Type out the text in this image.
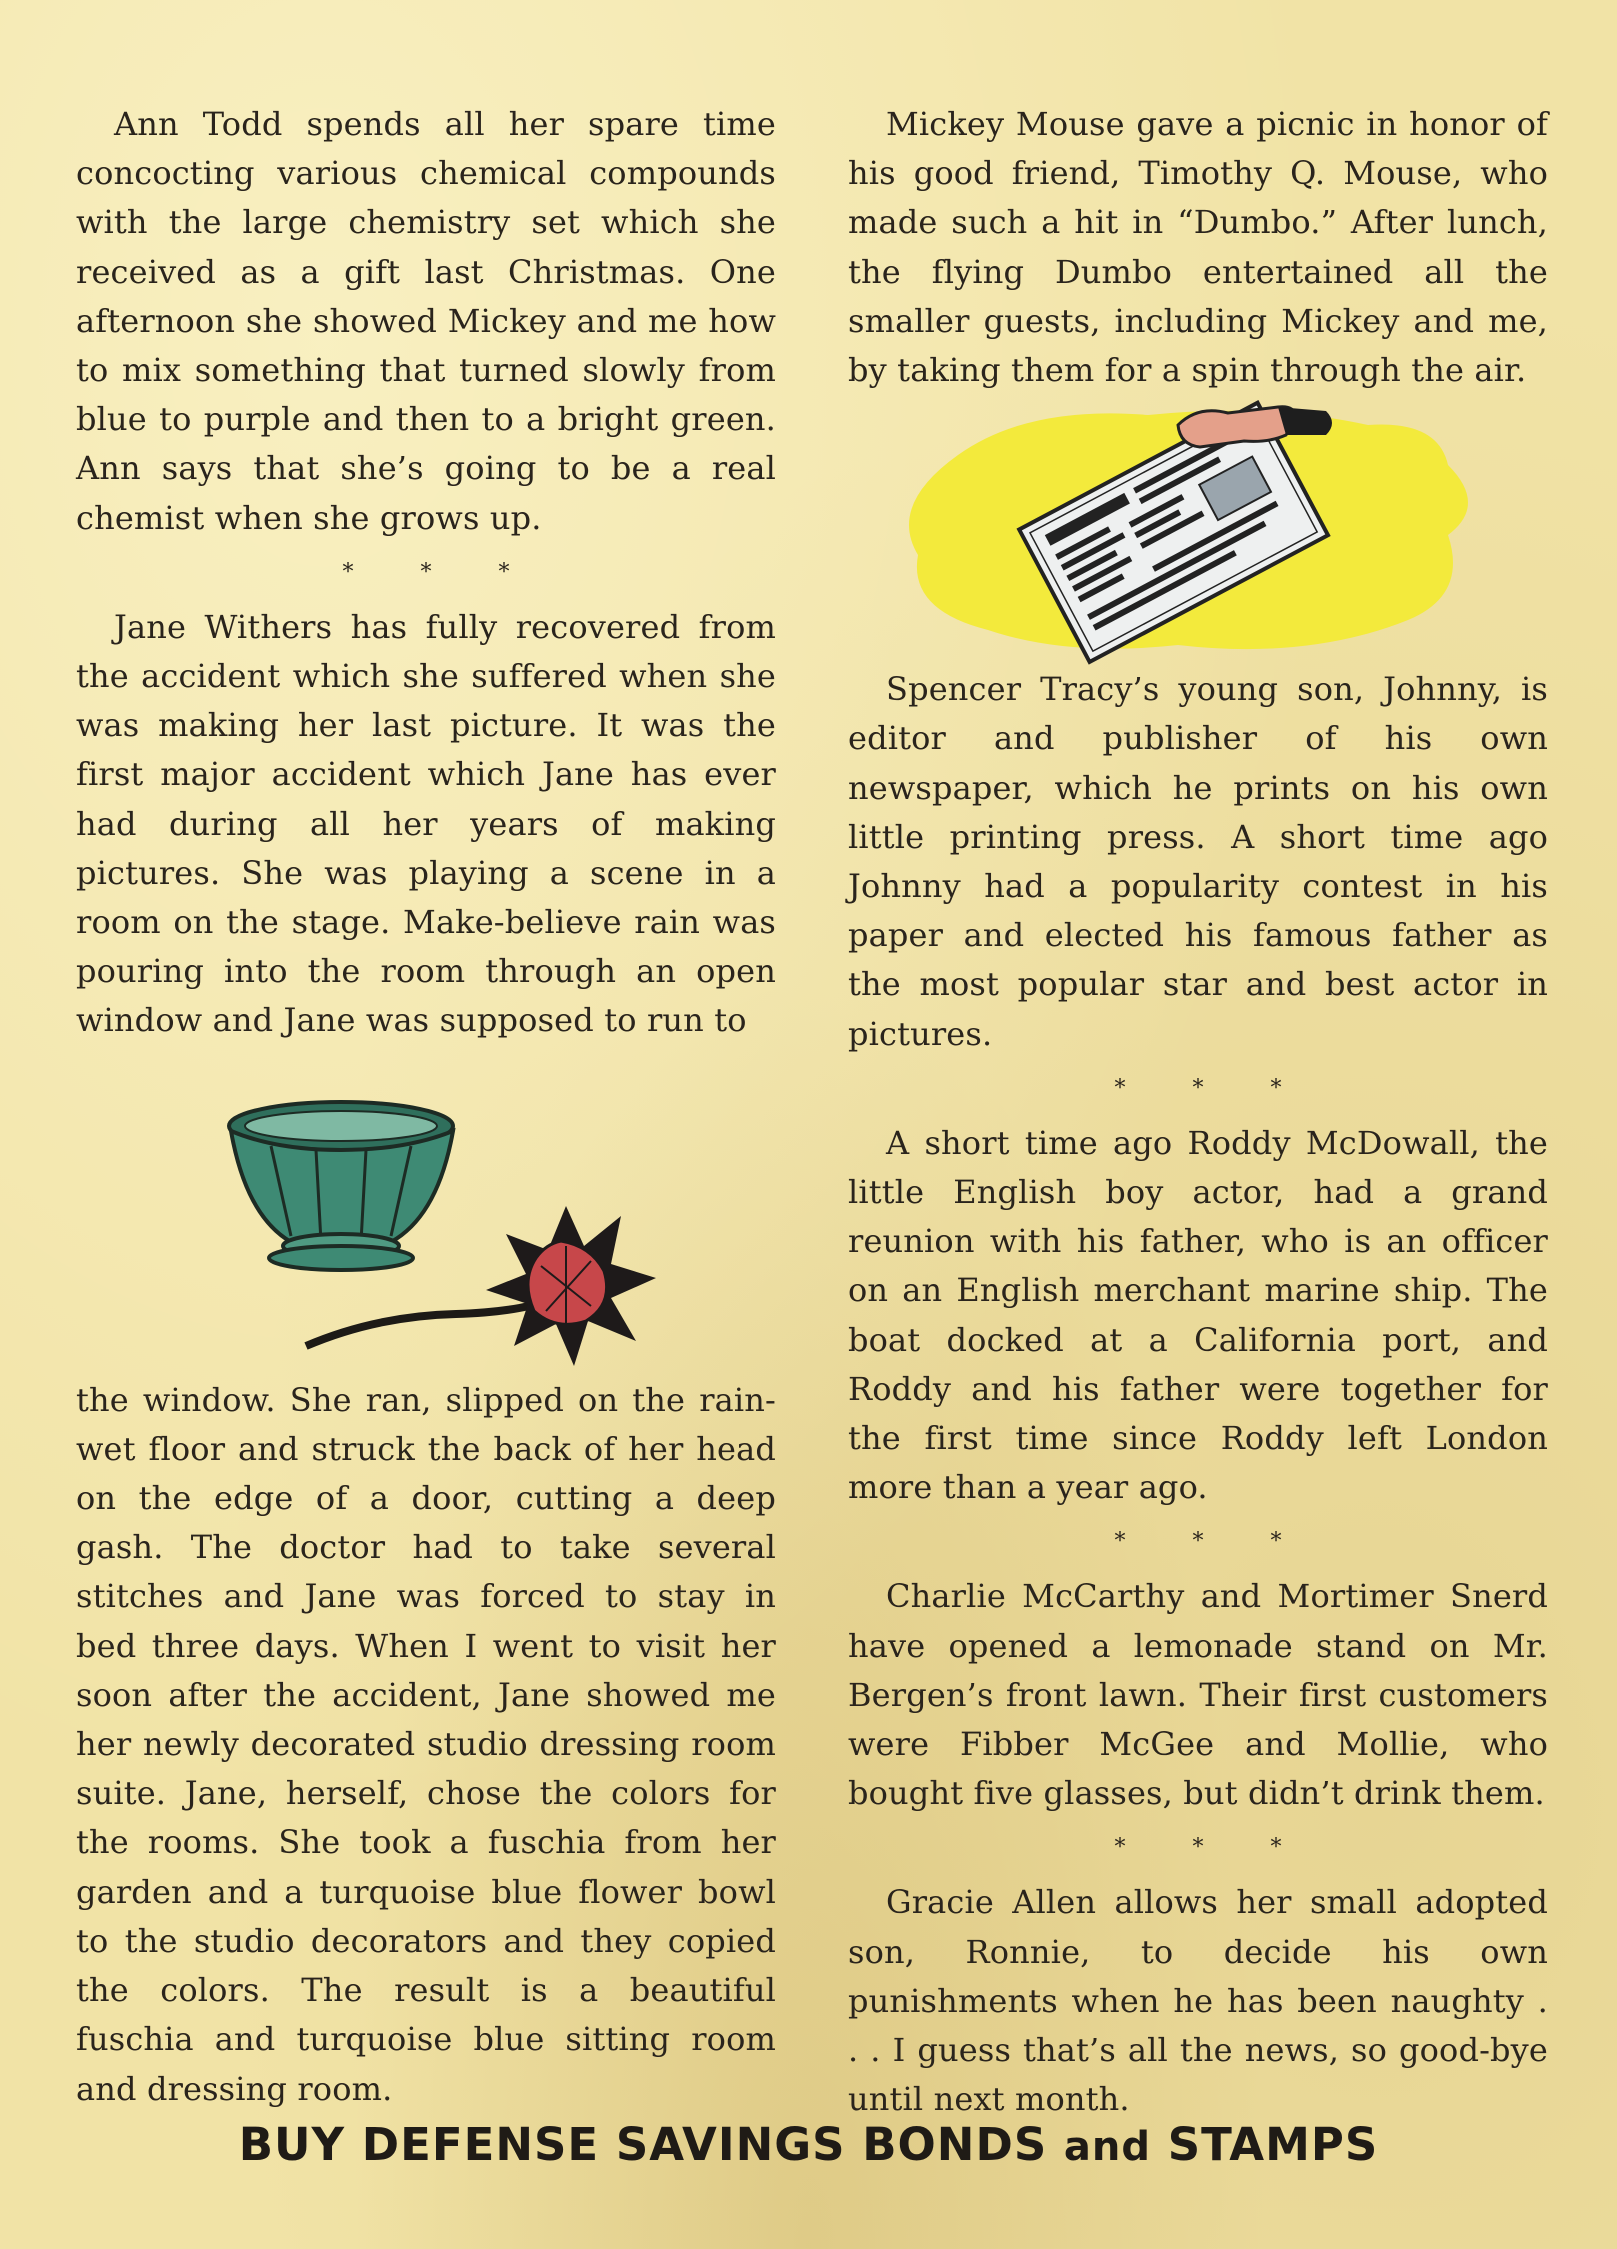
Ann Todd spends all her spare time concocting various chemical compounds with the large chemistry set which she received as a gift last Christmas. One afternoon she showed Mickey and me how to mix something that turned slowly from blue to purple and then to a bright green. Ann says that she’s going to be a real chemist when she grows up.

* * *

Jane Withers has fully recovered from the accident which she suffered when she was making her last picture. It was the first major accident which Jane has ever had during all her years of making pictures. She was playing a scene in a room on the stage. Make-believe rain was pouring into the room through an open window and Jane was supposed to run to

the window. She ran, slipped on the rain-wet floor and struck the back of her head on the edge of a door, cutting a deep gash. The doctor had to take several stitches and Jane was forced to stay in bed three days. When I went to visit her soon after the accident, Jane showed me her newly decorated studio dressing room suite. Jane, herself, chose the colors for the rooms. She took a fuschia from her garden and a turquoise blue flower bowl to the studio decorators and they copied the colors. The result is a beautiful fuschia and turquoise blue sitting room and dressing room.

Mickey Mouse gave a picnic in honor of his good friend, Timothy Q. Mouse, who made such a hit in “Dumbo.” After lunch, the flying Dumbo entertained all the smaller guests, including Mickey and me, by taking them for a spin through the air.

Spencer Tracy’s young son, Johnny, is editor and publisher of his own newspaper, which he prints on his own little printing press. A short time ago Johnny had a popularity contest in his paper and elected his famous father as the most popular star and best actor in pictures.

* * *

A short time ago Roddy McDowall, the little English boy actor, had a grand reunion with his father, who is an officer on an English merchant marine ship. The boat docked at a California port, and Roddy and his father were together for the first time since Roddy left London more than a year ago.

* * *

Charlie McCarthy and Mortimer Snerd have opened a lemonade stand on Mr. Bergen’s front lawn. Their first customers were Fibber McGee and Mollie, who bought five glasses, but didn’t drink them.

* * *

Gracie Allen allows her small adopted son, Ronnie, to decide his own punishments when he has been naughty . . . I guess that’s all the news, so good-bye until next month.

BUY DEFENSE SAVINGS BONDS and STAMPS
